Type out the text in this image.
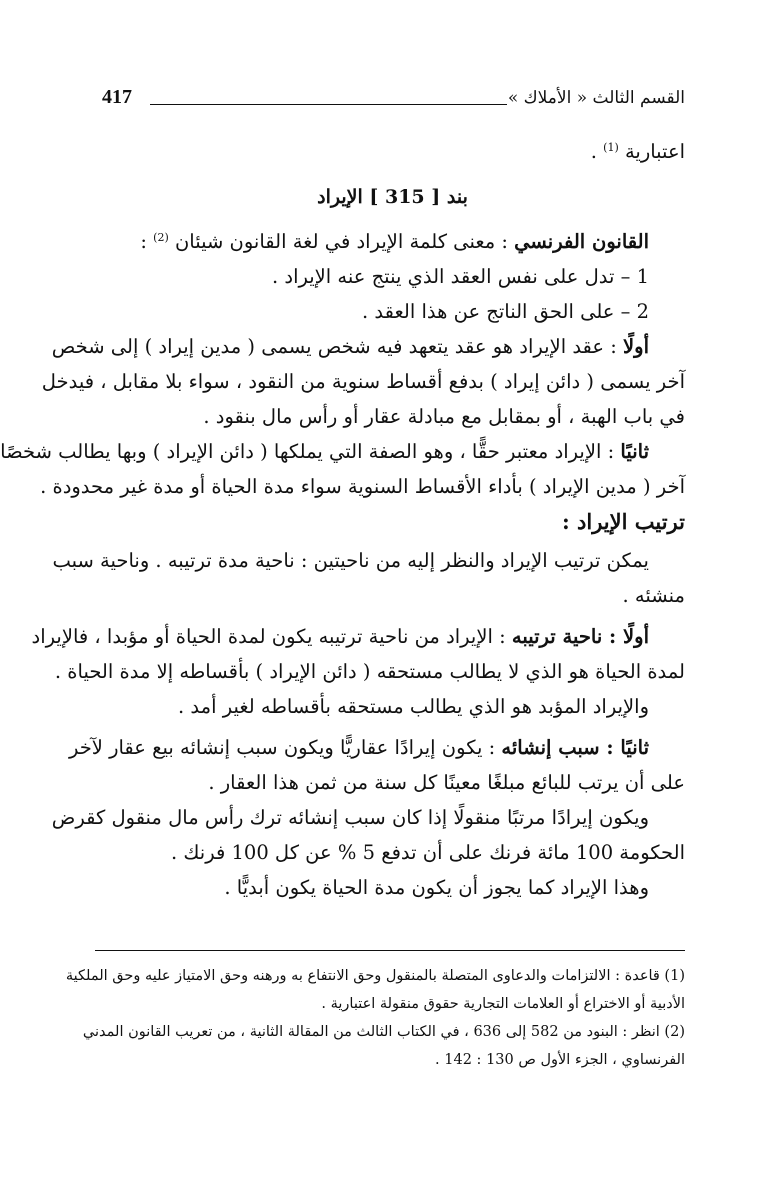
القسم الثالث « الأملاك »
417
اعتبارية $^{(1)}$ .
بند [ 315 ] الإيراد
القانون الفرنسي : معنى كلمة الإيراد في لغة القانون شيئان $^{(2)}$ :
1 – تدل على نفس العقد الذي ينتج عنه الإيراد .
2 – على الحق الناتج عن هذا العقد .
أولًا : عقد الإيراد هو عقد يتعهد فيه شخص يسمى ( مدين إيراد ) إلى شخص
آخر يسمى ( دائن إيراد ) بدفع أقساط سنوية من النقود ، سواء بلا مقابل ، فيدخل
في باب الهبة ، أو بمقابل مع مبادلة عقار أو رأس مال بنقود .
ثانيًا : الإيراد معتبر حقًّا ، وهو الصفة التي يملكها ( دائن الإيراد ) وبها يطالب شخصًا
آخر ( مدين الإيراد ) بأداء الأقساط السنوية سواء مدة الحياة أو مدة غير محدودة .
ترتيب الإيراد :
يمكن ترتيب الإيراد والنظر إليه من ناحيتين : ناحية مدة ترتيبه . وناحية سبب
منشئه .
أولًا : ناحية ترتيبه : الإيراد من ناحية ترتيبه يكون لمدة الحياة أو مؤبدا ، فالإيراد
لمدة الحياة هو الذي لا يطالب مستحقه ( دائن الإيراد ) بأقساطه إلا مدة الحياة .
والإيراد المؤبد هو الذي يطالب مستحقه بأقساطه لغير أمد .
ثانيًا : سبب إنشائه : يكون إيرادًا عقاريًّا ويكون سبب إنشائه بيع عقار لآخر
على أن يرتب للبائع مبلغًا معينًا كل سنة من ثمن هذا العقار .
ويكون إيرادًا مرتبًا منقولًا إذا كان سبب إنشائه ترك رأس مال منقول كقرض
الحكومة 100 مائة فرنك على أن تدفع 5 % عن كل 100 فرنك .
وهذا الإيراد كما يجوز أن يكون مدة الحياة يكون أبديًّا .
(1) قاعدة : الالتزامات والدعاوى المتصلة بالمنقول وحق الانتفاع به ورهنه وحق الامتياز عليه وحق الملكية
الأدبية أو الاختراع أو العلامات التجارية حقوق منقولة اعتبارية .
(2) انظر : البنود من 582 إلى 636 ، في الكتاب الثالث من المقالة الثانية ، من تعريب القانون المدني
الفرنساوي ، الجزء الأول ص 130 : 142 .
